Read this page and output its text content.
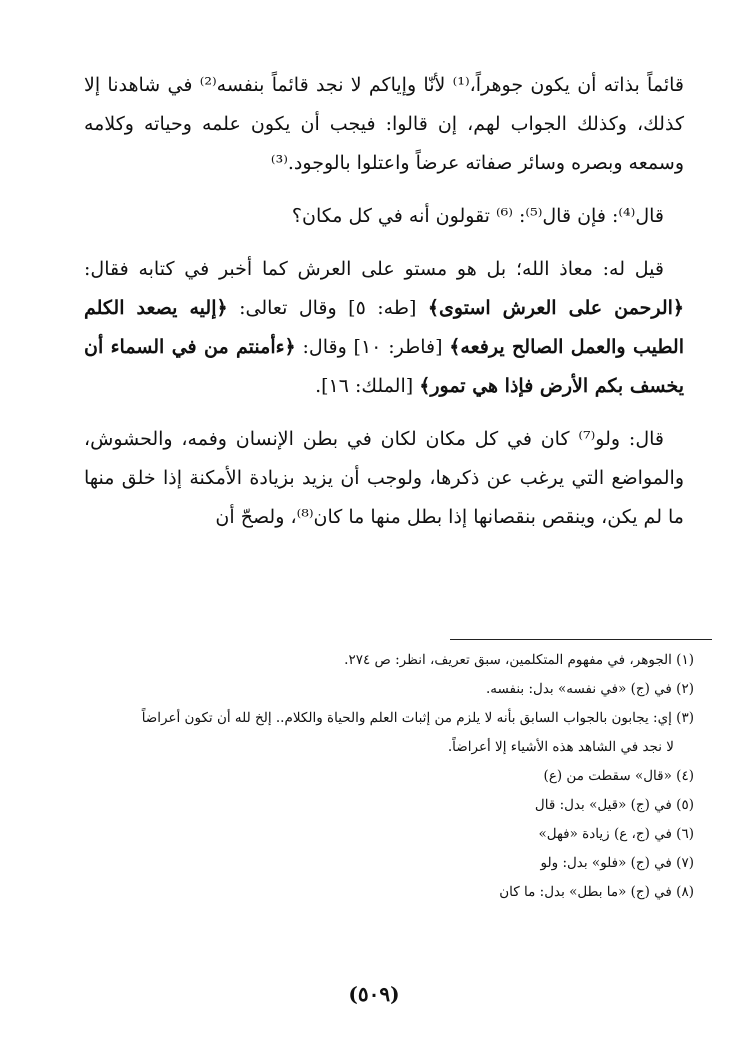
قائماً بذاته أن يكون جوهراً،⁽¹⁾ لأنّا وإياكم لا نجد قائماً بنفسه⁽²⁾ في شاهدنا إلا كذلك، وكذلك الجواب لهم، إن قالوا: فيجب أن يكون علمه وحياته وكلامه وسمعه وبصره وسائر صفاته عرضاً واعتلوا بالوجود.⁽³⁾

قال⁽⁴⁾: فإن قال⁽⁵⁾: ⁽⁶⁾ تقولون أنه في كل مكان؟

قيل له: معاذ الله؛ بل هو مستو على العرش كما أخبر في كتابه فقال: ﴿الرحمن على العرش استوى﴾ [طه: ٥] وقال تعالى: ﴿إليه يصعد الكلم الطيب والعمل الصالح يرفعه﴾ [فاطر: ١٠] وقال: ﴿ءأمنتم من في السماء أن يخسف بكم الأرض فإذا هي تمور﴾ [الملك: ١٦].

قال: ولو⁽⁷⁾ كان في كل مكان لكان في بطن الإنسان وفمه، والحشوش، والمواضع التي يرغب عن ذكرها، ولوجب أن يزيد بزيادة الأمكنة إذا خلق منها ما لم يكن، وينقص بنقصانها إذا بطل منها ما كان⁽⁸⁾، ولصحّ أن

(١) الجوهر، في مفهوم المتكلمين، سبق تعريف، انظر: ص ٢٧٤.

(٢) في (ج) «في نفسه» بدل: بنفسه.

(٣) إي: يجابون بالجواب السابق بأنه لا يلزم من إثبات العلم والحياة والكلام.. إلخ لله أن تكون أعراضاً

لا نجد في الشاهد هذه الأشياء إلا أعراضاً.

(٤) «قال» سقطت من (ع)

(٥) في (ج) «قيل» بدل: قال

(٦) في (ج، ع) زيادة «فهل»

(٧) في (ج) «فلو» بدل: ولو

(٨) في (ج) «ما بطل» بدل: ما كان

(٥٠٩)
